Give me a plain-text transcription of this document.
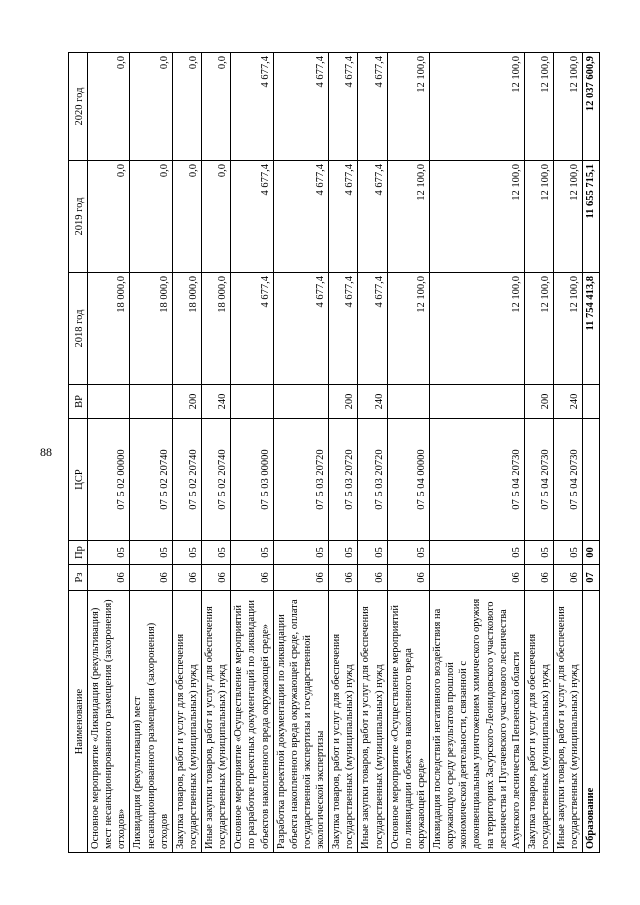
88
Наименование	Рз	Пр	ЦСР	ВР	2018 год	2019 год	2020 год
Основное мероприятие «Ликвидация (рекультивация) мест несанкционированного размещения (захоронения) отходов»	06	05	07 5 02 00000		18 000,0	0,0	0,0
Ликвидация (рекультивация) мест несанкционированного размещения (захоронения) отходов	06	05	07 5 02 20740		18 000,0	0,0	0,0
Закупка товаров, работ и услуг для обеспечения государственных (муниципальных) нужд	06	05	07 5 02 20740	200	18 000,0	0,0	0,0
Иные закупки товаров, работ и услуг для обеспечения государственных (муниципальных) нужд	06	05	07 5 02 20740	240	18 000,0	0,0	0,0
Основное мероприятие «Осуществление мероприятий по разработке проектных документаций по ликвидации объектов накопленного вреда окружающей среде»	06	05	07 5 03 00000		4 677,4	4 677,4	4 677,4
Разработка проектной документации по ликвидации объекта накопленного вреда окружающей среде, оплата государственной экспертизы и государственной экологической экспертизы	06	05	07 5 03 20720		4 677,4	4 677,4	4 677,4
Закупка товаров, работ и услуг для обеспечения государственных (муниципальных) нужд	06	05	07 5 03 20720	200	4 677,4	4 677,4	4 677,4
Иные закупки товаров, работ и услуг для обеспечения государственных (муниципальных) нужд	06	05	07 5 03 20720	240	4 677,4	4 677,4	4 677,4
Основное мероприятие «Осуществление мероприятий по ликвидации объектов накопленного вреда окружающей среде»	06	05	07 5 04 00000		12 100,0	12 100,0	12 100,0
Ликвидация последствий негативного воздействия на окружающую среду результатов прошлой экономической деятельности, связанной с доконвенциальным уничтожением химического оружия на территориях Засурского-Леонидовского участкового лесничества и Пугачевского участкового лесничества Ахунского лесничества Пензенской области	06	05	07 5 04 20730		12 100,0	12 100,0	12 100,0
Закупка товаров, работ и услуг для обеспечения государственных (муниципальных) нужд	06	05	07 5 04 20730	200	12 100,0	12 100,0	12 100,0
Иные закупки товаров, работ и услуг для обеспечения государственных (муниципальных) нужд	06	05	07 5 04 20730	240	12 100,0	12 100,0	12 100,0
Образование	07	00			11 754 413,8	11 655 715,1	12 037 600,9
